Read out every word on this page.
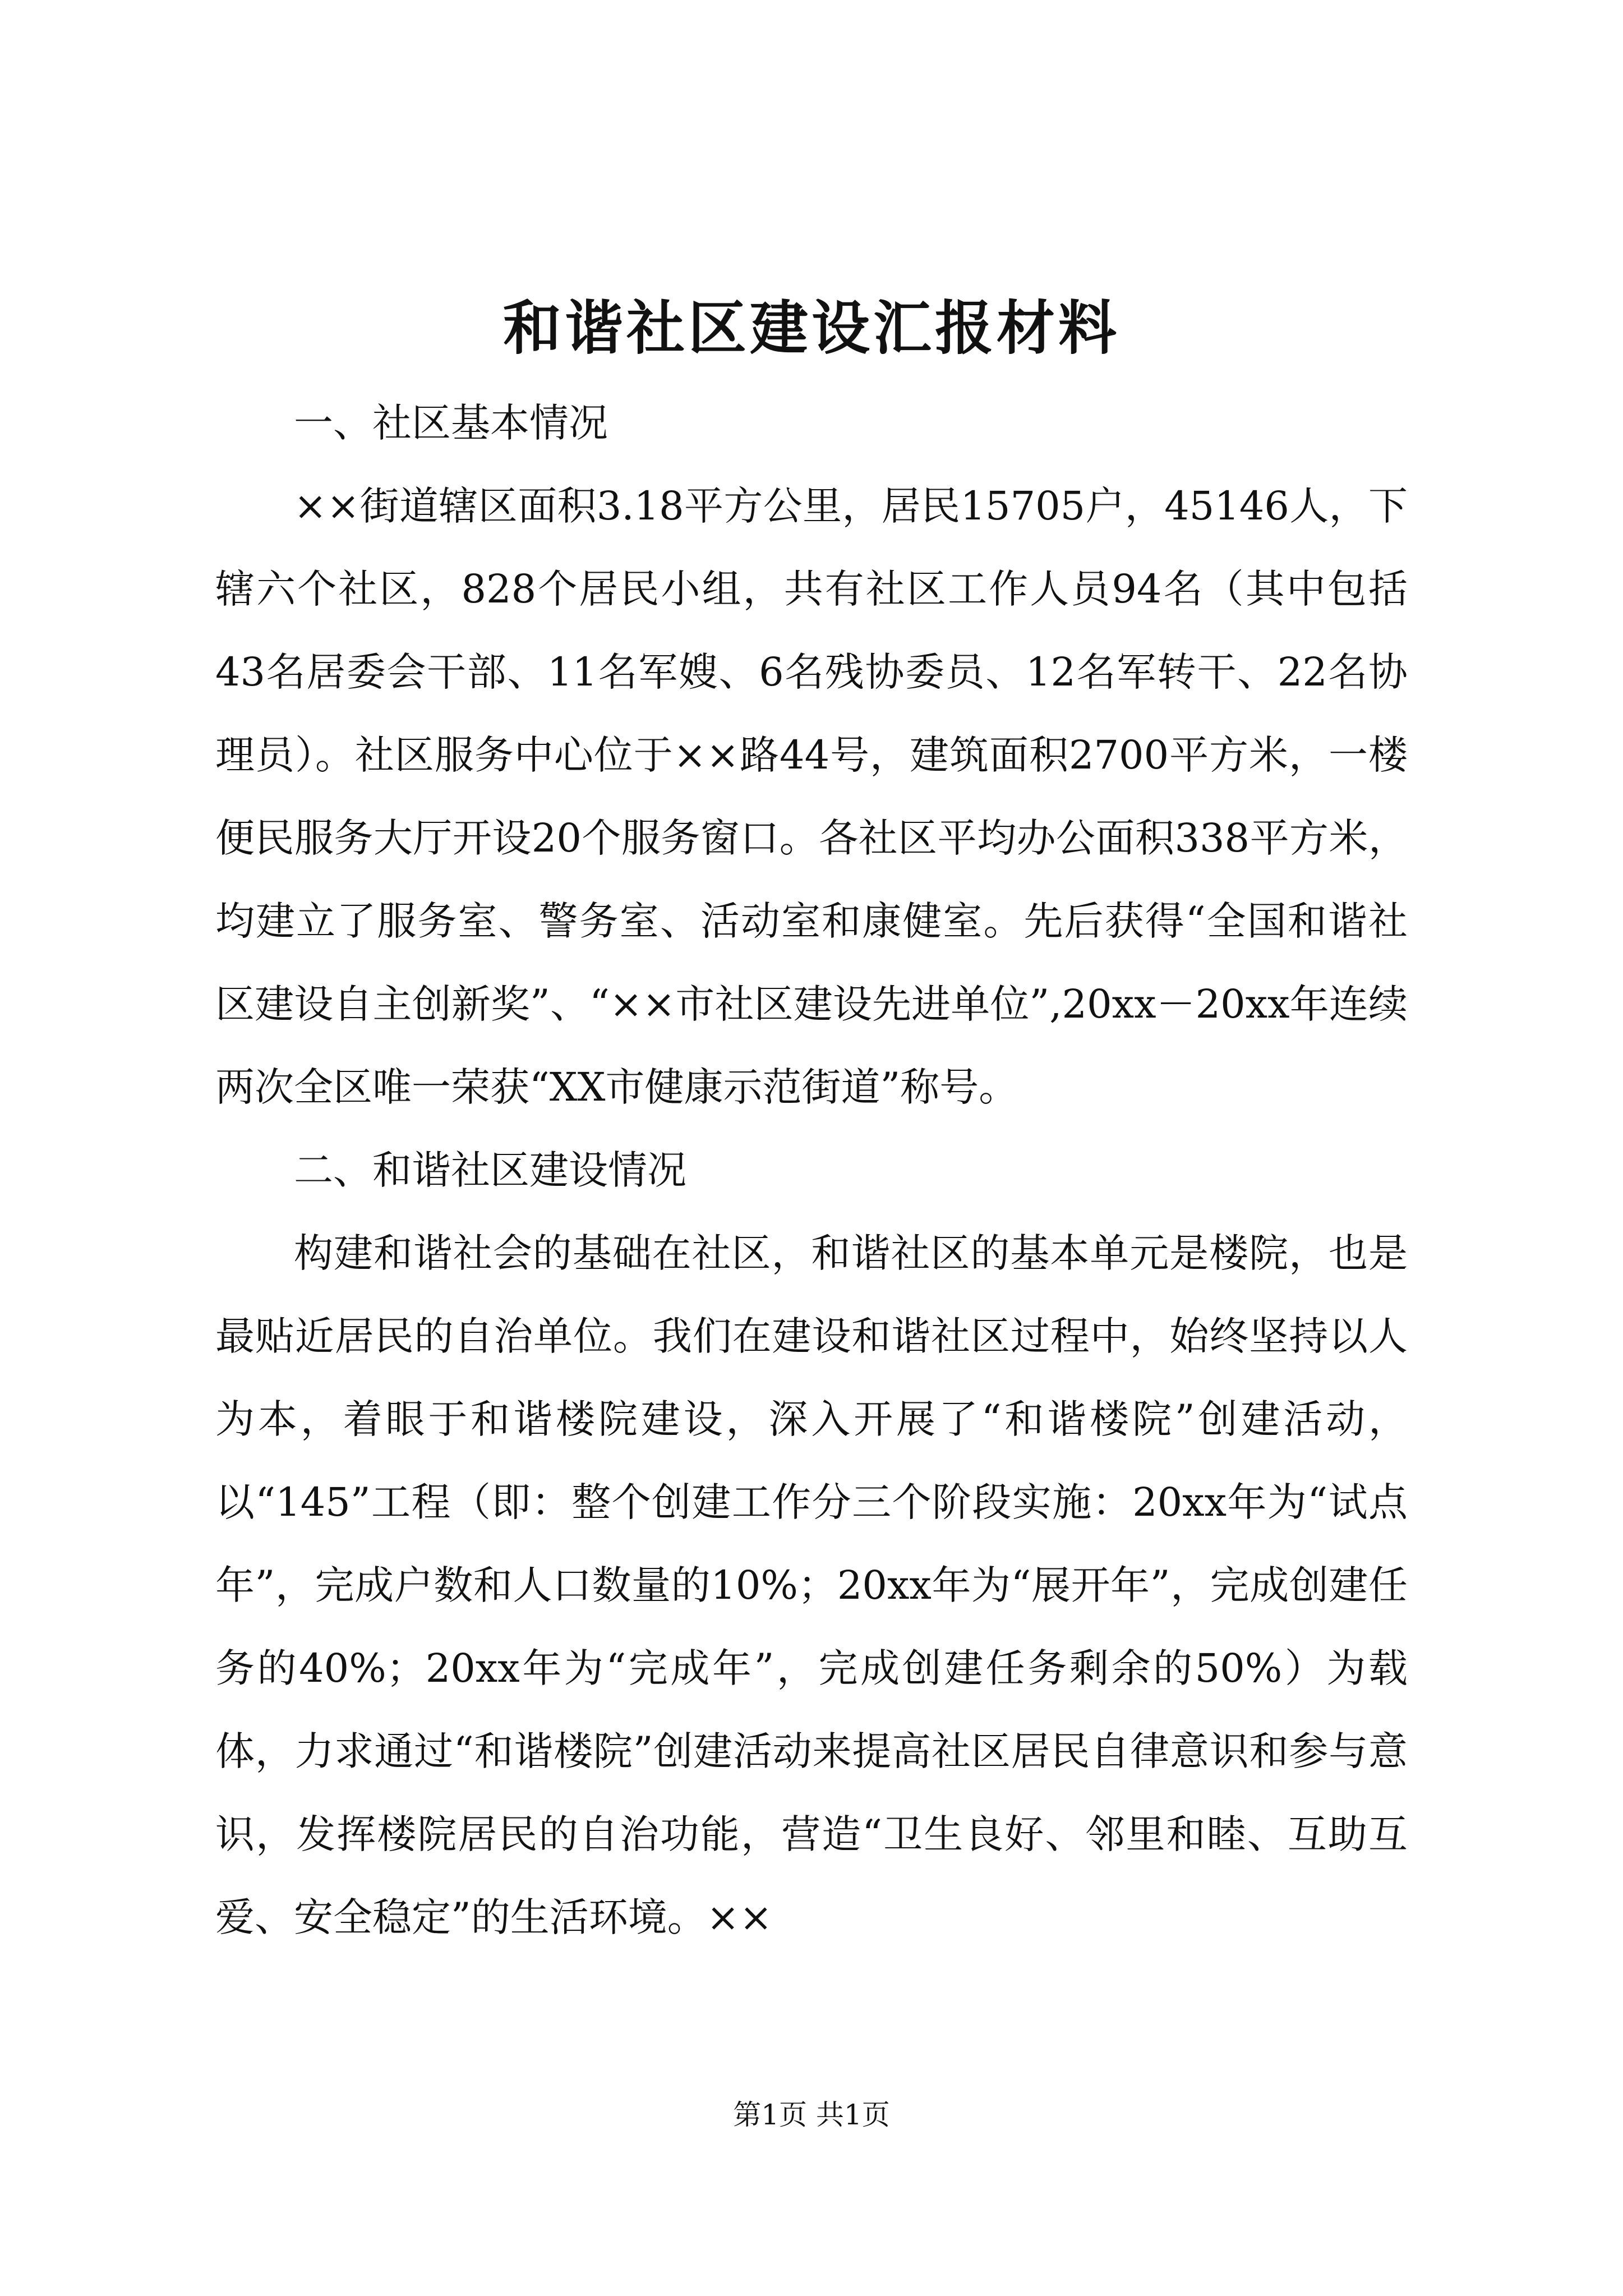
和谐社区建设汇报材料

一、社区基本情况

××街道辖区面积3.18平方公里，居民15705户，45146人，下辖六个社区，828个居民小组，共有社区工作人员94名（其中包括43名居委会干部、11名军嫂、6名残协委员、12名军转干、22名协理员）。社区服务中心位于××路44号，建筑面积2700平方米，一楼便民服务大厅开设20个服务窗口。各社区平均办公面积338平方米，均建立了服务室、警务室、活动室和康健室。先后获得“全国和谐社区建设自主创新奖”、“××市社区建设先进单位”,20xx－20xx年连续两次全区唯一荣获“XX市健康示范街道”称号。

二、和谐社区建设情况

构建和谐社会的基础在社区，和谐社区的基本单元是楼院，也是最贴近居民的自治单位。我们在建设和谐社区过程中，始终坚持以人为本，着眼于和谐楼院建设，深入开展了“和谐楼院”创建活动，以“145”工程（即：整个创建工作分三个阶段实施：20xx年为“试点年”，完成户数和人口数量的10%；20xx年为“展开年”，完成创建任务的40%；20xx年为“完成年”，完成创建任务剩余的50%）为载体，力求通过“和谐楼院”创建活动来提高社区居民自律意识和参与意识，发挥楼院居民的自治功能，营造“卫生良好、邻里和睦、互助互爱、安全稳定”的生活环境。××

第1页 共1页
